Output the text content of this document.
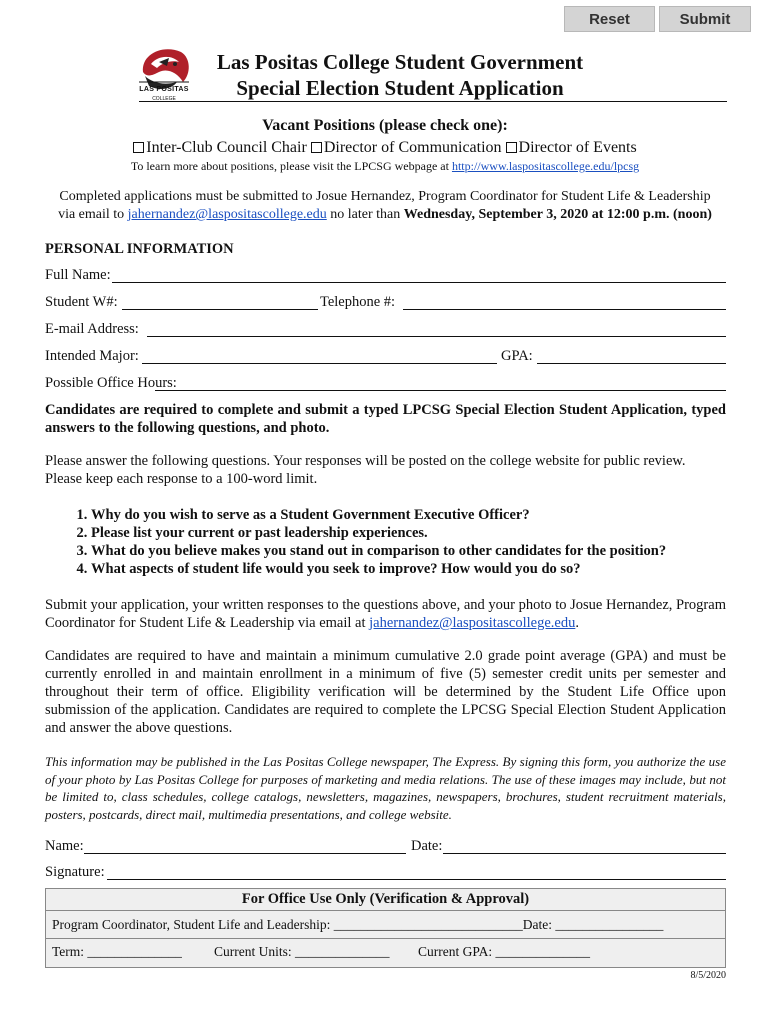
Reset	Submit
LAS POSITAS
COLLEGE
Las Positas College Student Government
Special Election Student Application
Vacant Positions (please check one):
Inter-Club Council Chair Director of Communication Director of Events
To learn more about positions, please visit the LPCSG webpage at http://www.laspositascollege.edu/lpcsg
Completed applications must be submitted to Josue Hernandez, Program Coordinator for Student Life & Leadership
via email to jahernandez@laspositascollege.edu no later than Wednesday, September 3, 2020 at 12:00 p.m. (noon)
PERSONAL INFORMATION
Full Name:
Student W#:	Telephone #:
E-mail Address:
Intended Major:	GPA:
Possible Office Hours:
Candidates are required to complete and submit a typed LPCSG Special Election Student Application, typed answers to the following questions, and photo.
Please answer the following questions. Your responses will be posted on the college website for public review. Please keep each response to a 100-word limit.
1. Why do you wish to serve as a Student Government Executive Officer?
2. Please list your current or past leadership experiences.
3. What do you believe makes you stand out in comparison to other candidates for the position?
4. What aspects of student life would you seek to improve? How would you do so?
Submit your application, your written responses to the questions above, and your photo to Josue Hernandez, Program Coordinator for Student Life & Leadership via email at jahernandez@laspositascollege.edu.
Candidates are required to have and maintain a minimum cumulative 2.0 grade point average (GPA) and must be currently enrolled in and maintain enrollment in a minimum of five (5) semester credit units per semester and throughout their term of office. Eligibility verification will be determined by the Student Life Office upon submission of the application. Candidates are required to complete the LPCSG Special Election Student Application and answer the above questions.
This information may be published in the Las Positas College newspaper, The Express. By signing this form, you authorize the use of your photo by Las Positas College for purposes of marketing and media relations. The use of these images may include, but not be limited to, class schedules, college catalogs, newsletters, magazines, newspapers, brochures, student recruitment materials, posters, postcards, direct mail, multimedia presentations, and college website.
Name:	Date:
Signature:
For Office Use Only (Verification & Approval)
Program Coordinator, Student Life and Leadership: ____________________________Date: ________________
Term: ______________ Current Units: ______________ Current GPA: ______________
8/5/2020
